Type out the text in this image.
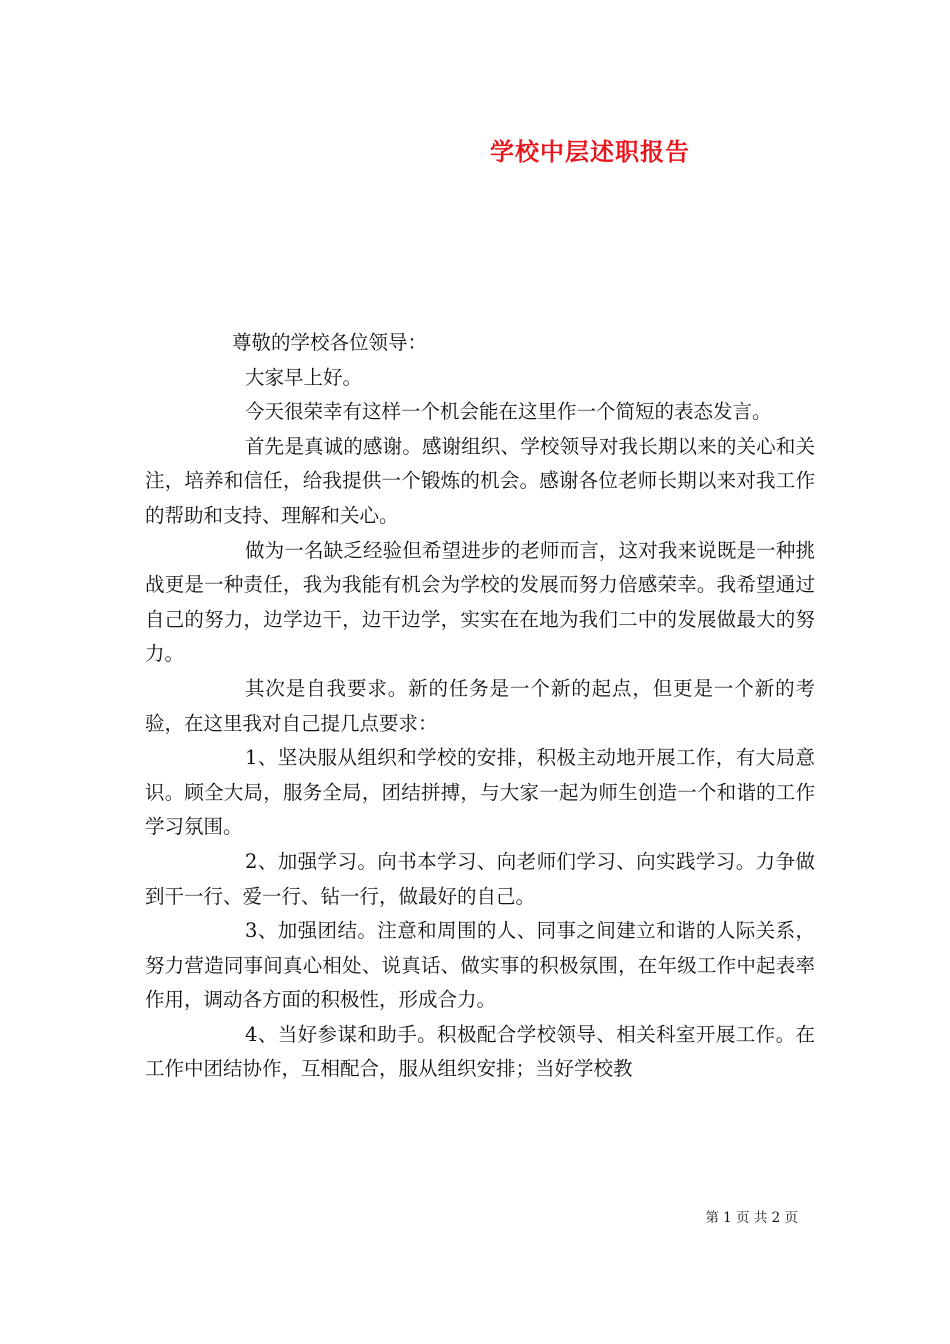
学校中层述职报告

尊敬的学校各位领导：

大家早上好。

今天很荣幸有这样一个机会能在这里作一个简短的表态发言。

首先是真诚的感谢。感谢组织、学校领导对我长期以来的关心和关注，培养和信任，给我提供一个锻炼的机会。感谢各位老师长期以来对我工作的帮助和支持、理解和关心。

做为一名缺乏经验但希望进步的老师而言，这对我来说既是一种挑战更是一种责任，我为我能有机会为学校的发展而努力倍感荣幸。我希望通过自己的努力，边学边干，边干边学，实实在在地为我们二中的发展做最大的努力。

其次是自我要求。新的任务是一个新的起点，但更是一个新的考验，在这里我对自己提几点要求：

1、坚决服从组织和学校的安排，积极主动地开展工作，有大局意识。顾全大局，服务全局，团结拼搏，与大家一起为师生创造一个和谐的工作学习氛围。

2、加强学习。向书本学习、向老师们学习、向实践学习。力争做到干一行、爱一行、钻一行，做最好的自己。

3、加强团结。注意和周围的人、同事之间建立和谐的人际关系，努力营造同事间真心相处、说真话、做实事的积极氛围，在年级工作中起表率作用，调动各方面的积极性，形成合力。

4、当好参谋和助手。积极配合学校领导、相关科室开展工作。在工作中团结协作，互相配合，服从组织安排；当好学校教

第 1 页 共 2 页
